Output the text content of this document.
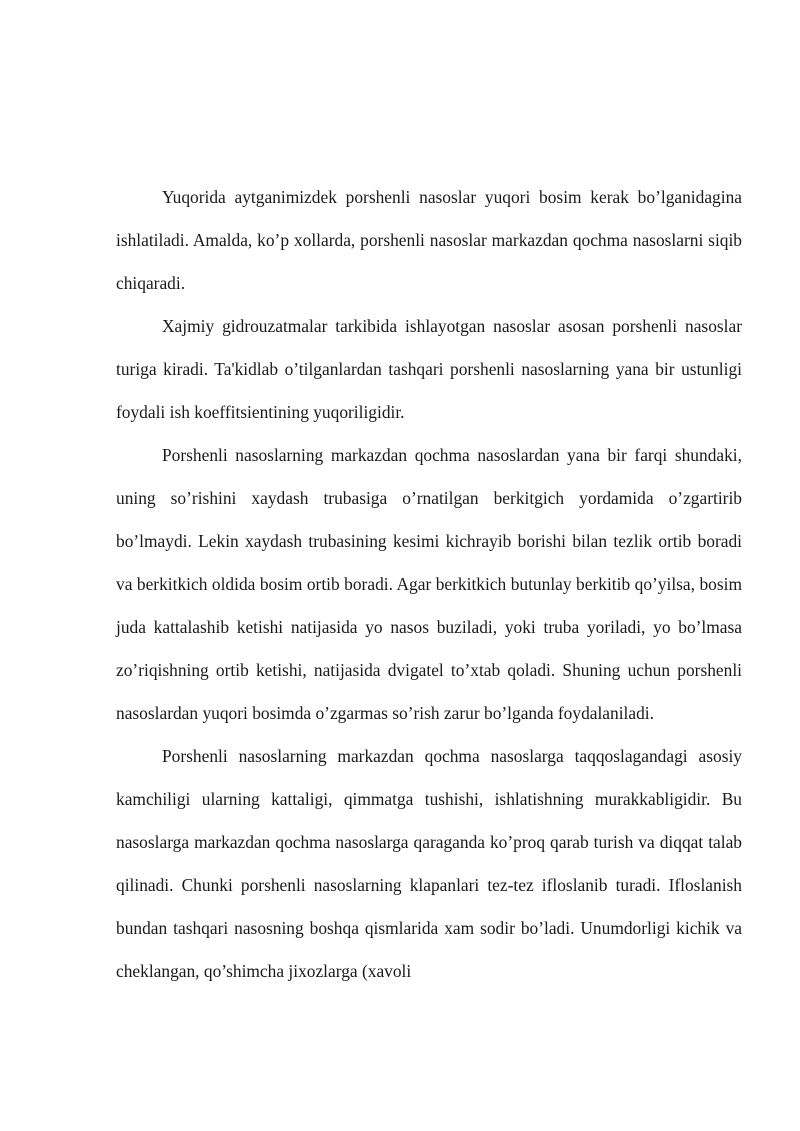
Yuqorida aytganimizdek porshenli nasoslar yuqori bosim kerak bo’lganidagina ishlatiladi. Amalda, ko’p xollarda, porshenli nasoslar markazdan qochma nasoslarni siqib chiqaradi.

Xajmiy gidrouzatmalar tarkibida ishlayotgan nasoslar asosan porshenli nasoslar turiga kiradi. Ta'kidlab o’tilganlardan tashqari porshenli nasoslarning yana bir ustunligi foydali ish koeffitsientining yuqoriligidir.

Porshenli nasoslarning markazdan qochma nasoslardan yana bir farqi shundaki, uning so’rishini xaydash trubasiga o’rnatilgan berkitgich yordamida o’zgartirib bo’lmaydi. Lekin xaydash trubasining kesimi kichrayib borishi bilan tezlik ortib boradi va berkitkich oldida bosim ortib boradi. Agar berkitkich butunlay berkitib qo’yilsa, bosim juda kattalashib ketishi natijasida yo nasos buziladi, yoki truba yoriladi, yo bo’lmasa zo’riqishning ortib ketishi, natijasida dvigatel to’xtab qoladi. Shuning uchun porshenli nasoslardan yuqori bosimda o’zgarmas so’rish zarur bo’lganda foydalaniladi.

Porshenli nasoslarning markazdan qochma nasoslarga taqqoslagandagi asosiy kamchiligi ularning kattaligi, qimmatga tushishi, ishlatishning murakkabligidir. Bu nasoslarga markazdan qochma nasoslarga qaraganda ko’proq qarab turish va diqqat talab qilinadi. Chunki porshenli nasoslarning klapanlari tez-tez ifloslanib turadi. Ifloslanish bundan tashqari nasosning boshqa qismlarida xam sodir bo’ladi. Unumdorligi kichik va cheklangan, qo’shimcha jixozlarga (xavoli
